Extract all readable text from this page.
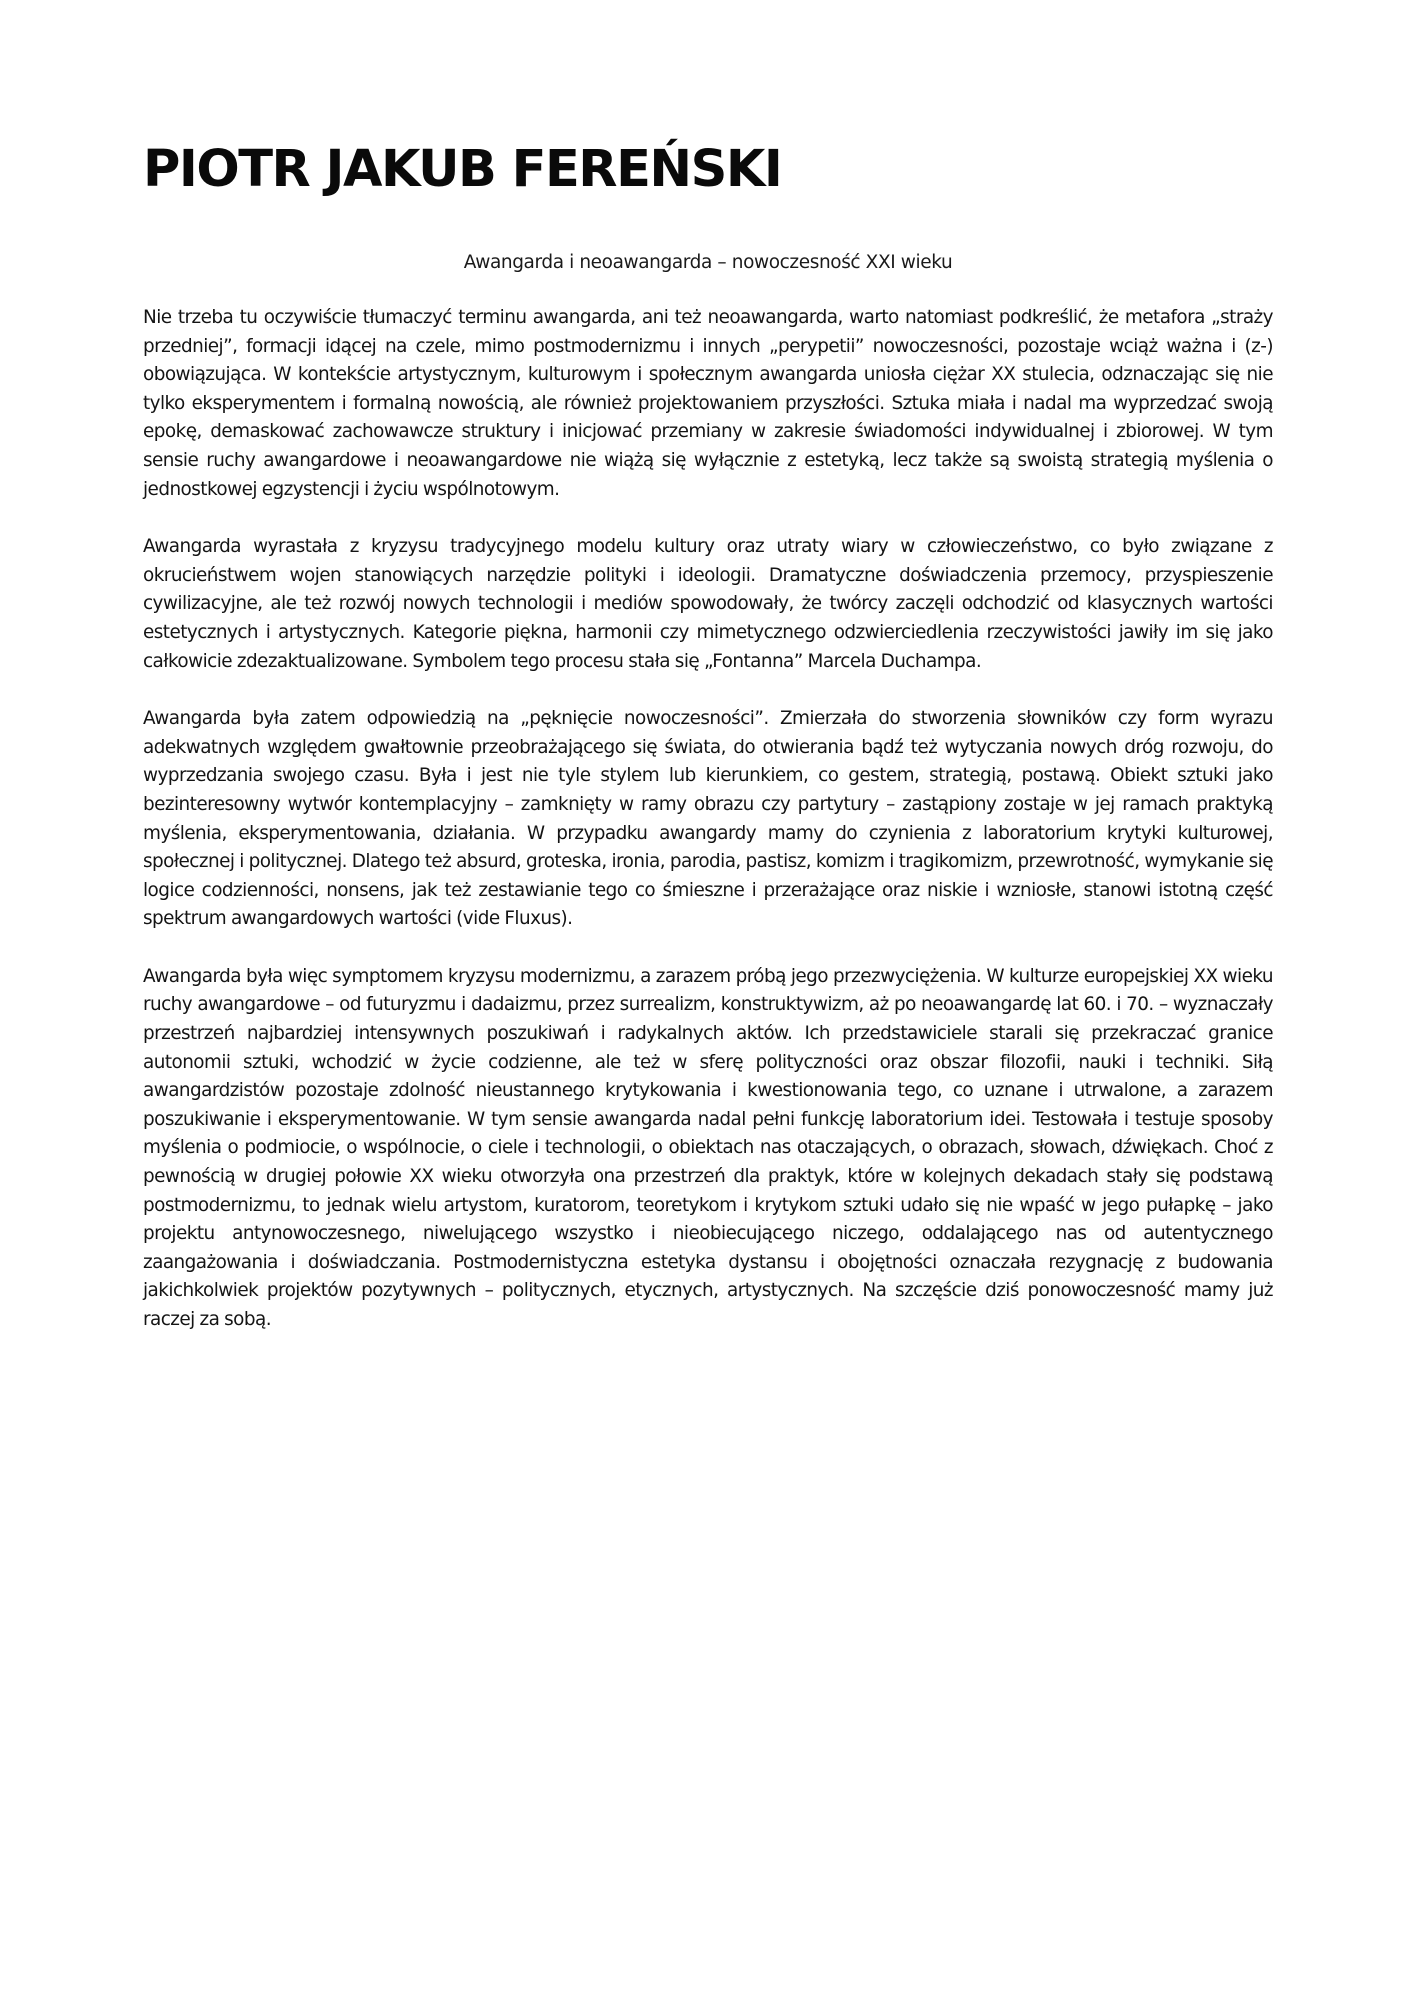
PIOTR JAKUB FEREŃSKI
Awangarda i neoawangarda – nowoczesność XXI wieku

Nie trzeba tu oczywiście tłumaczyć terminu awangarda, ani też neoawangarda, warto natomiast podkreślić, że metafora „straży przedniej”, formacji idącej na czele, mimo postmodernizmu i innych „perypetii” nowoczesności, pozostaje wciąż ważna i (z-) obowiązująca. W kontekście artystycznym, kulturowym i społecznym awangarda uniosła ciężar XX stulecia, odznaczając się nie tylko eksperymentem i formalną nowością, ale również projektowaniem przyszłości. Sztuka miała i nadal ma wyprzedzać swoją epokę, demaskować zachowawcze struktury i inicjować przemiany w zakresie świadomości indywidualnej i zbiorowej. W tym sensie ruchy awangardowe i neoawangardowe nie wiążą się wyłącznie z estetyką, lecz także są swoistą strategią myślenia o jednostkowej egzystencji i życiu wspólnotowym.

Awangarda wyrastała z kryzysu tradycyjnego modelu kultury oraz utraty wiary w człowieczeństwo, co było związane z okrucieństwem wojen stanowiących narzędzie polityki i ideologii. Dramatyczne doświadczenia przemocy, przyspieszenie cywilizacyjne, ale też rozwój nowych technologii i mediów spowodowały, że twórcy zaczęli odchodzić od klasycznych wartości estetycznych i artystycznych. Kategorie piękna, harmonii czy mimetycznego odzwierciedlenia rzeczywistości jawiły im się jako całkowicie zdezaktualizowane. Symbolem tego procesu stała się „Fontanna” Marcela Duchampa.

Awangarda była zatem odpowiedzią na „pęknięcie nowoczesności”. Zmierzała do stworzenia słowników czy form wyrazu adekwatnych względem gwałtownie przeobrażającego się świata, do otwierania bądź też wytyczania nowych dróg rozwoju, do wyprzedzania swojego czasu. Była i jest nie tyle stylem lub kierunkiem, co gestem, strategią, postawą. Obiekt sztuki jako bezinteresowny wytwór kontemplacyjny – zamknięty w ramy obrazu czy partytury – zastąpiony zostaje w jej ramach praktyką myślenia, eksperymentowania, działania. W przypadku awangardy mamy do czynienia z laboratorium krytyki kulturowej, społecznej i politycznej. Dlatego też absurd, groteska, ironia, parodia, pastisz, komizm i tragikomizm, przewrotność, wymykanie się logice codzienności, nonsens, jak też zestawianie tego co śmieszne i przerażające oraz niskie i wzniosłe, stanowi istotną część spektrum awangardowych wartości (vide Fluxus).

Awangarda była więc symptomem kryzysu modernizmu, a zarazem próbą jego przezwyciężenia. W kulturze europejskiej XX wieku ruchy awangardowe – od futuryzmu i dadaizmu, przez surrealizm, konstruktywizm, aż po neoawangardę lat 60. i 70. – wyznaczały przestrzeń najbardziej intensywnych poszukiwań i radykalnych aktów. Ich przedstawiciele starali się przekraczać granice autonomii sztuki, wchodzić w życie codzienne, ale też w sferę polityczności oraz obszar filozofii, nauki i techniki. Siłą awangardzistów pozostaje zdolność nieustannego krytykowania i kwestionowania tego, co uznane i utrwalone, a zarazem poszukiwanie i eksperymentowanie. W tym sensie awangarda nadal pełni funkcję laboratorium idei. Testowała i testuje sposoby myślenia o podmiocie, o wspólnocie, o ciele i technologii, o obiektach nas otaczających, o obrazach, słowach, dźwiękach. Choć z pewnością w drugiej połowie XX wieku otworzyła ona przestrzeń dla praktyk, które w kolejnych dekadach stały się podstawą postmodernizmu, to jednak wielu artystom, kuratorom, teoretykom i krytykom sztuki udało się nie wpaść w jego pułapkę – jako projektu antynowoczesnego, niwelującego wszystko i nieobiecującego niczego, oddalającego nas od autentycznego zaangażowania i doświadczania. Postmodernistyczna estetyka dystansu i obojętności oznaczała rezygnację z budowania jakichkolwiek projektów pozytywnych – politycznych, etycznych, artystycznych. Na szczęście dziś ponowoczesność mamy już raczej za sobą.
